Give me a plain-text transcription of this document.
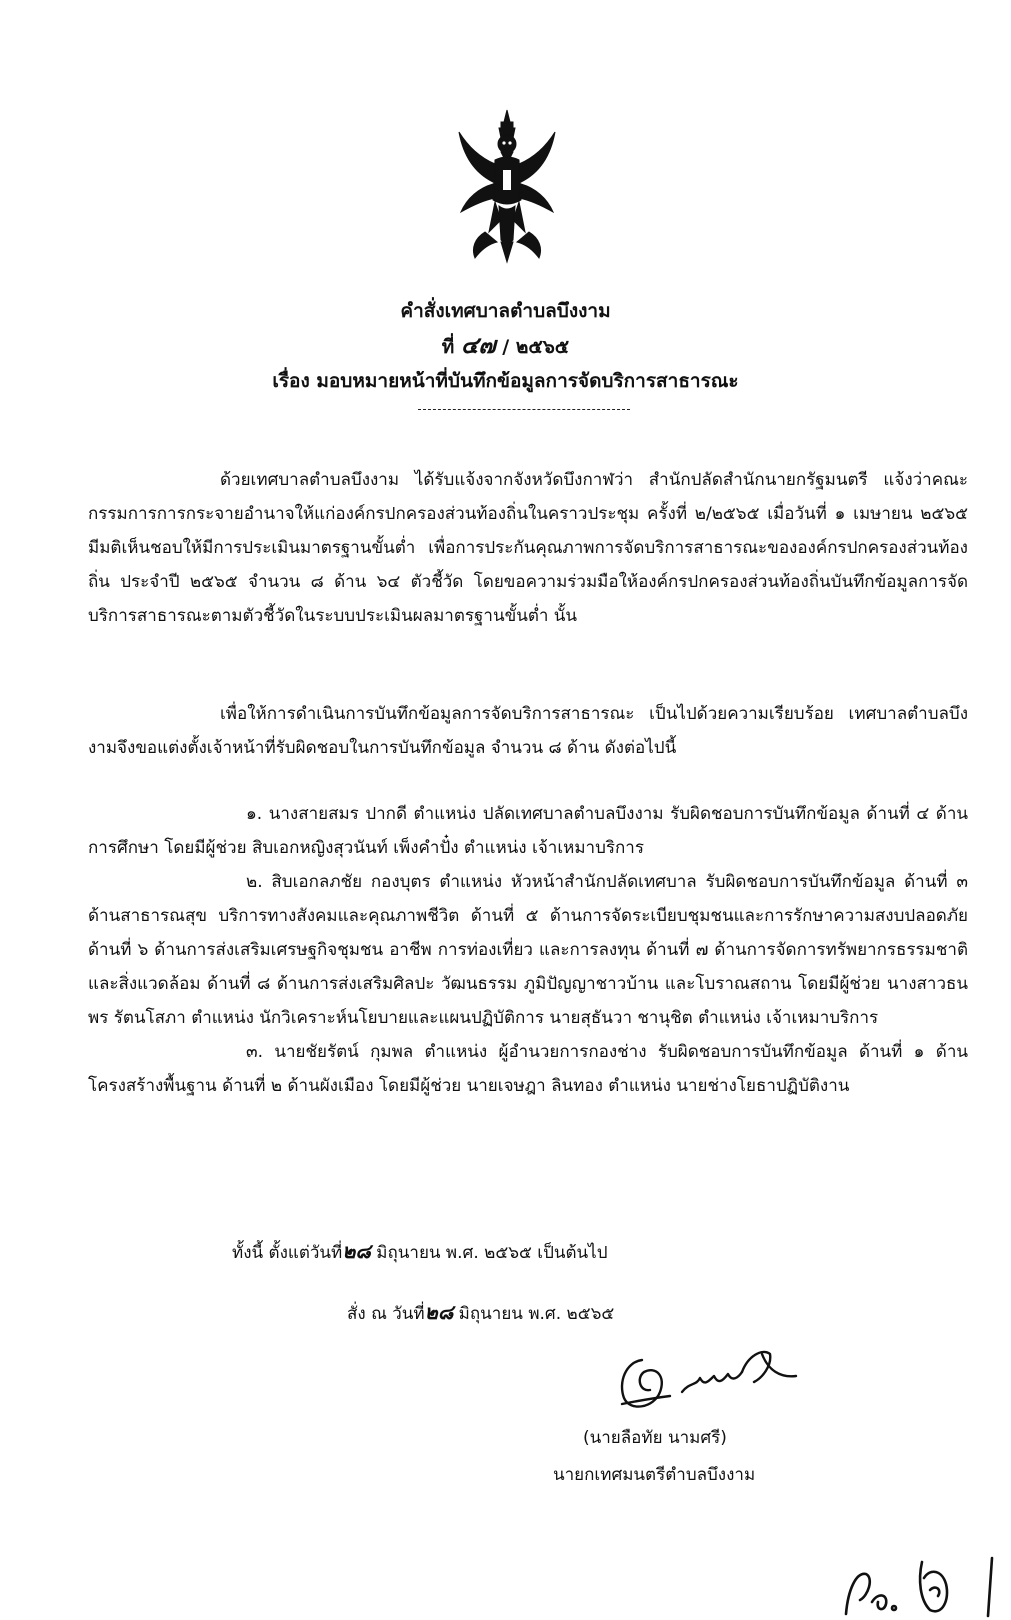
คำสั่งเทศบาลตำบลบึงงาม
ที่ ๔๗ / ๒๕๖๕
เรื่อง มอบหมายหน้าที่บันทึกข้อมูลการจัดบริการสาธารณะ
ด้วยเทศบาลตำบลบึงงาม ได้รับแจ้งจากจังหวัดบึงกาฬว่า สำนักปลัดสำนักนายกรัฐมนตรี แจ้งว่าคณะกรรมการการกระจายอำนาจให้แก่องค์กรปกครองส่วนท้องถิ่นในคราวประชุม ครั้งที่ ๒/๒๕๖๕ เมื่อวันที่ ๑ เมษายน ๒๕๖๕ มีมติเห็นชอบให้มีการประเมินมาตรฐานขั้นต่ำ เพื่อการประกันคุณภาพการจัดบริการสาธารณะขององค์กรปกครองส่วนท้องถิ่น ประจำปี ๒๕๖๕ จำนวน ๘ ด้าน ๖๔ ตัวชี้วัด โดยขอความร่วมมือให้องค์กรปกครองส่วนท้องถิ่นบันทึกข้อมูลการจัดบริการสาธารณะตามตัวชี้วัดในระบบประเมินผลมาตรฐานขั้นต่ำ นั้น
เพื่อให้การดำเนินการบันทึกข้อมูลการจัดบริการสาธารณะ เป็นไปด้วยความเรียบร้อย เทศบาลตำบลบึงงามจึงขอแต่งตั้งเจ้าหน้าที่รับผิดชอบในการบันทึกข้อมูล จำนวน ๘ ด้าน ดังต่อไปนี้

๑. นางสายสมร ปากดี ตำแหน่ง ปลัดเทศบาลตำบลบึงงาม รับผิดชอบการบันทึกข้อมูล ด้านที่ ๔ ด้านการศึกษา โดยมีผู้ช่วย สิบเอกหญิงสุวนันท์ เพ็งคำปั๋ง ตำแหน่ง เจ้าเหมาบริการ

๒. สิบเอกลภชัย กองบุตร ตำแหน่ง หัวหน้าสำนักปลัดเทศบาล รับผิดชอบการบันทึกข้อมูล ด้านที่ ๓ ด้านสาธารณสุข บริการทางสังคมและคุณภาพชีวิต ด้านที่ ๕ ด้านการจัดระเบียบชุมชนและการรักษาความสงบปลอดภัย ด้านที่ ๖ ด้านการส่งเสริมเศรษฐกิจชุมชน อาชีพ การท่องเที่ยว และการลงทุน ด้านที่ ๗ ด้านการจัดการทรัพยากรธรรมชาติและสิ่งแวดล้อม ด้านที่ ๘ ด้านการส่งเสริมศิลปะ วัฒนธรรม ภูมิปัญญาชาวบ้าน และโบราณสถาน โดยมีผู้ช่วย นางสาวธนพร รัตนโสภา ตำแหน่ง นักวิเคราะห์นโยบายและแผนปฏิบัติการ นายสุธันวา ชานุชิต ตำแหน่ง เจ้าเหมาบริการ

๓. นายชัยรัตน์ กุมพล ตำแหน่ง ผู้อำนวยการกองช่าง รับผิดชอบการบันทึกข้อมูล ด้านที่ ๑ ด้านโครงสร้างพื้นฐาน ด้านที่ ๒ ด้านผังเมือง โดยมีผู้ช่วย นายเจษฎา ลินทอง ตำแหน่ง นายช่างโยธาปฏิบัติงาน

ทั้งนี้ ตั้งแต่วันที่๒๘ มิถุนายน พ.ศ. ๒๕๖๕ เป็นต้นไป
สั่ง ณ วันที่๒๘ มิถุนายน พ.ศ. ๒๕๖๕
(นายลือทัย นามศรี)
นายกเทศมนตรีตำบลบึงงาม
